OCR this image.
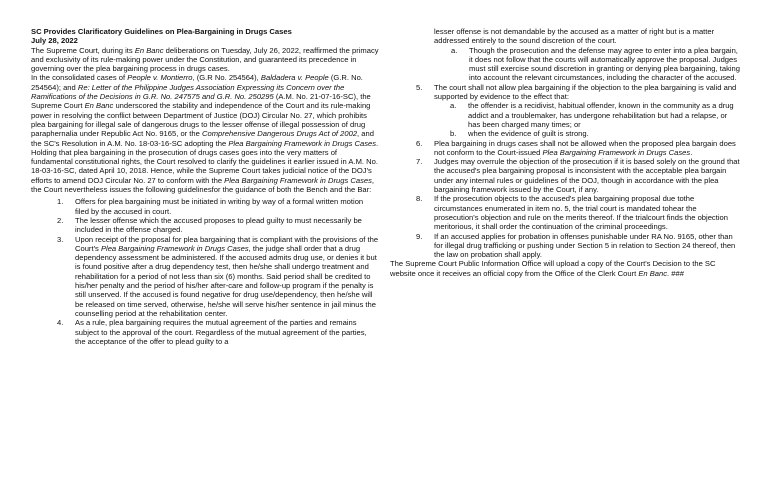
SC Provides Clarificatory Guidelines on Plea-Bargaining in Drugs Cases
July 28, 2022

The Supreme Court, during its En Banc deliberations on Tuesday, July 26, 2022, reaffirmed the primacy and exclusivity of its rule-making power under the Constitution, and guaranteed its precedence in governing over the plea bargaining process in drugs cases.

In the consolidated cases of People v. Montierro, (G.R No. 254564), Baldadera v. People (G.R. No. 254564); and Re: Letter of the Philippine Judges Association Expressing its Concern over the Ramifications of the Decisions in G.R. No. 247575 and G.R. No. 250295 (A.M. No. 21-07-16-SC), the Supreme Court En Banc underscored the stability and independence of the Court and its rule-making power in resolving the conflict between Department of Justice (DOJ) Circular No. 27, which prohibits plea bargaining for illegal sale of dangerous drugs to the lesser offense of illegal possession of drug paraphernalia under Republic Act No. 9165, or the Comprehensive Dangerous Drugs Act of 2002, and the SC's Resolution in A.M. No. 18-03-16-SC adopting the Plea Bargaining Framework in Drugs Cases.

Holding that plea bargaining in the prosecution of drugs cases goes into the very matters of fundamental constitutional rights, the Court resolved to clarify the guidelines it earlier issued in A.M. No. 18-03-16-SC, dated April 10, 2018. Hence, while the Supreme Court takes judicial notice of the DOJ's efforts to amend DOJ Circular No. 27 to conform with the Plea Bargaining Framework in Drugs Cases, the Court nevertheless issues the following guidelinesfor the guidance of both the Bench and the Bar:

1. Offers for plea bargaining must be initiated in writing by way of a formal written motion filed by the accused in court.
2. The lesser offense which the accused proposes to plead guilty to must necessarily be included in the offense charged.
3. Upon receipt of the proposal for plea bargaining that is compliant with the provisions of the Court's Plea Bargaining Framework in Drugs Cases, the judge shall order that a drug dependency assessment be administered. If the accused admits drug use, or denies it but is found positive after a drug dependency test, then he/she shall undergo treatment and rehabilitation for a period of not less than six (6) months. Said period shall be credited to his/her penalty and the period of his/her after-care and follow-up program if the penalty is still unserved. If the accused is found negative for drug use/dependency, then he/she will be released on time served, otherwise, he/she will serve his/her sentence in jail minus the counselling period at the rehabilitation center.
4. As a rule, plea bargaining requires the mutual agreement of the parties and remains subject to the approval of the court. Regardless of the mutual agreement of the parties, the acceptance of the offer to plead guilty to a
lesser offense is not demandable by the accused as a matter of right but is a matter addressed entirely to the sound discretion of the court.
a. Though the prosecution and the defense may agree to enter into a plea bargain, it does not follow that the courts will automatically approve the proposal. Judges must still exercise sound discretion in granting or denying plea bargaining, taking into account the relevant circumstances, including the character of the accused.
5. The court shall not allow plea bargaining if the objection to the plea bargaining is valid and supported by evidence to the effect that:
a. the offender is a recidivist, habitual offender, known in the community as a drug addict and a troublemaker, has undergone rehabilitation but had a relapse, or has been charged many times; or
b. when the evidence of guilt is strong.
6. Plea bargaining in drugs cases shall not be allowed when the proposed plea bargain does not conform to the Court-issued Plea Bargaining Framework in Drugs Cases.
7. Judges may overrule the objection of the prosecution if it is based solely on the ground that the accused's plea bargaining proposal is inconsistent with the acceptable plea bargain under any internal rules or guidelines of the DOJ, though in accordance with the plea bargaining framework issued by the Court, if any.
8. If the prosecution objects to the accused's plea bargaining proposal due tothe circumstances enumerated in item no. 5, the trial court is mandated tohear the prosecution's objection and rule on the merits thereof. If the trialcourt finds the objection meritorious, it shall order the continuation of the criminal proceedings.
9. If an accused applies for probation in offenses punishable under RA No. 9165, other than for illegal drug trafficking or pushing under Section 5 in relation to Section 24 thereof, then the law on probation shall apply.

The Supreme Court Public Information Office will upload a copy of the Court's Decision to the SC website once it receives an official copy from the Office of the Clerk Court En Banc. ###
